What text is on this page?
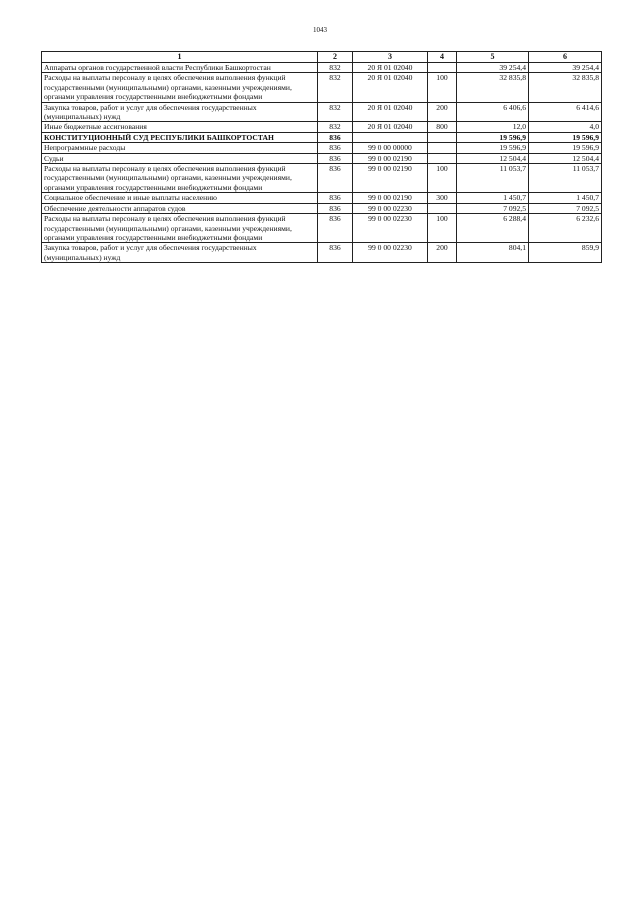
1043
1	2	3	4	5	6
Аппараты органов государственной власти Республики Башкортостан	832	20 Я 01 02040		39 254,4	39 254,4
Расходы на выплаты персоналу в целях обеспечения выполнения функций государственными (муниципальными) органами, казенными учреждениями, органами управления государственными внебюджетными фондами	832	20 Я 01 02040	100	32 835,8	32 835,8
Закупка товаров, работ и услуг для обеспечения государственных (муниципальных) нужд	832	20 Я 01 02040	200	6 406,6	6 414,6
Иные бюджетные ассигнования	832	20 Я 01 02040	800	12,0	4,0
КОНСТИТУЦИОННЫЙ СУД РЕСПУБЛИКИ БАШКОРТОСТАН	836			19 596,9	19 596,9
Непрограммные расходы	836	99 0 00 00000		19 596,9	19 596,9
Судьи	836	99 0 00 02190		12 504,4	12 504,4
Расходы на выплаты персоналу в целях обеспечения выполнения функций государственными (муниципальными) органами, казенными учреждениями, органами управления государственными внебюджетными фондами	836	99 0 00 02190	100	11 053,7	11 053,7
Социальное обеспечение и иные выплаты населению	836	99 0 00 02190	300	1 450,7	1 450,7
Обеспечение деятельности аппаратов судов	836	99 0 00 02230		7 092,5	7 092,5
Расходы на выплаты персоналу в целях обеспечения выполнения функций государственными (муниципальными) органами, казенными учреждениями, органами управления государственными внебюджетными фондами	836	99 0 00 02230	100	6 288,4	6 232,6
Закупка товаров, работ и услуг для обеспечения государственных (муниципальных) нужд	836	99 0 00 02230	200	804,1	859,9
